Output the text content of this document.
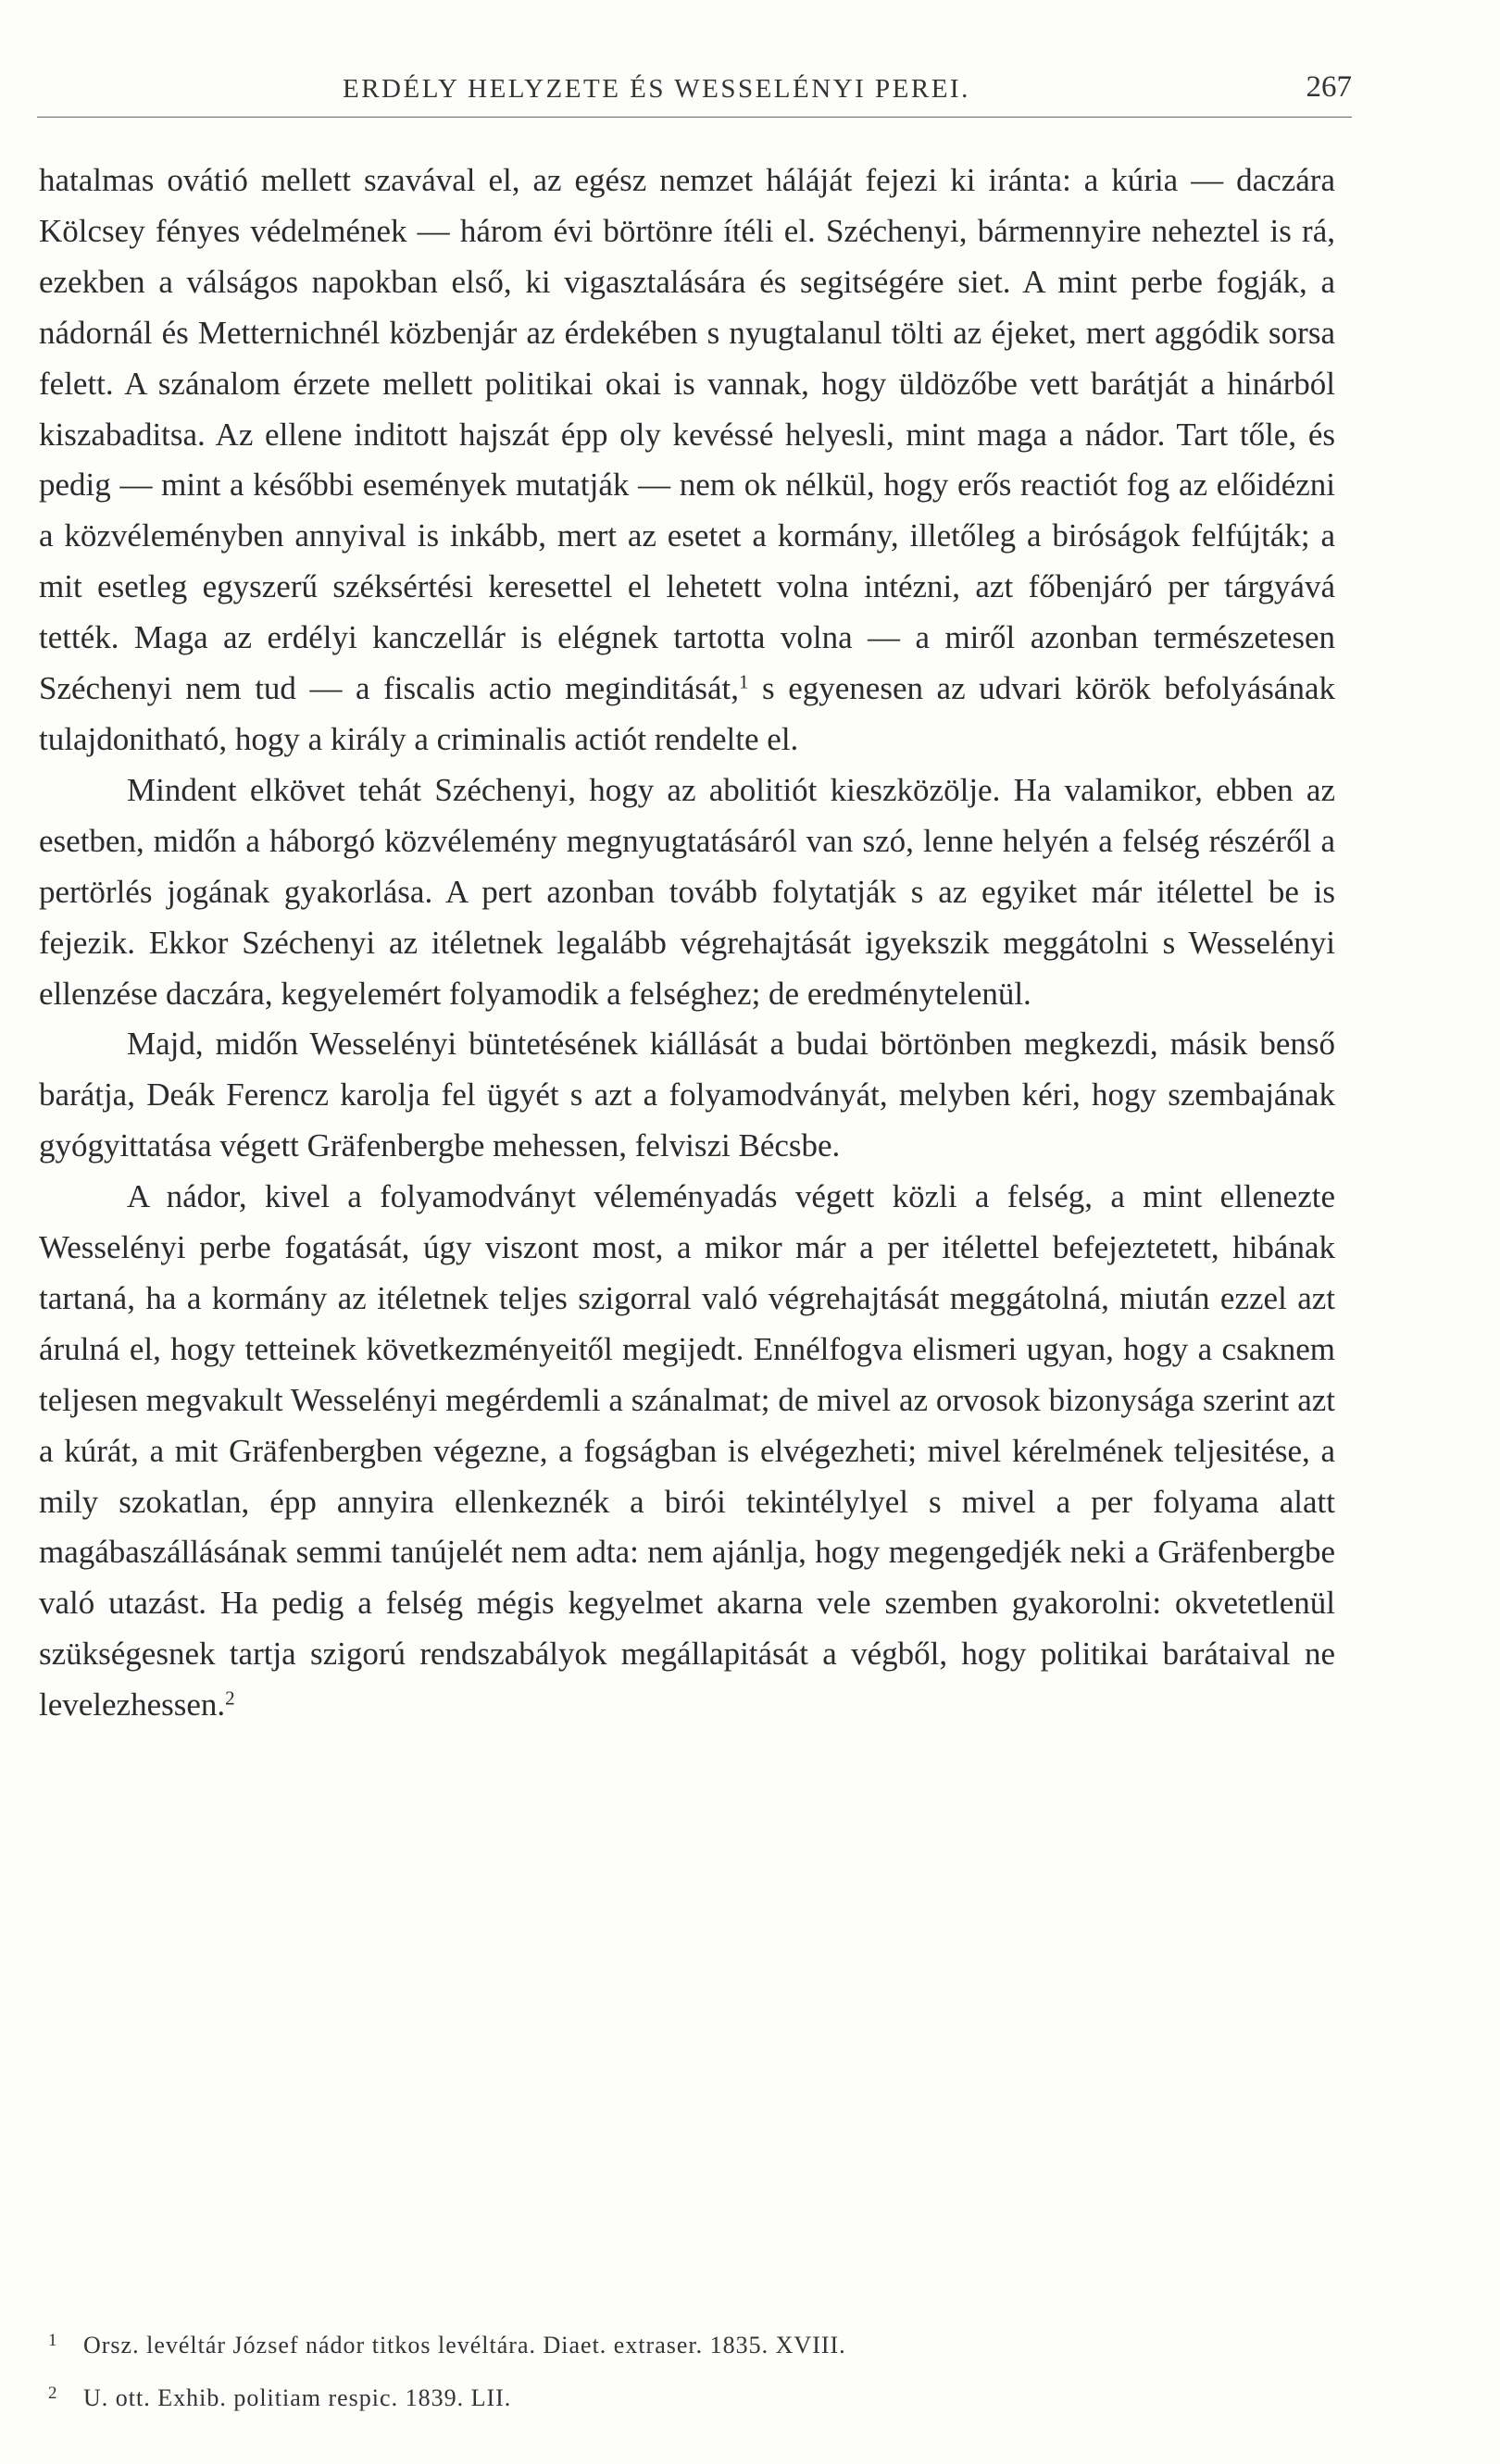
ERDÉLY HELYZETE ÉS WESSELÉNYI PEREI.	267

hatalmas ovátió mellett szavával el, az egész nemzet háláját fejezi ki iránta: a kúria — daczára Kölcsey fényes védelmének — három évi börtönre ítéli el. Széchenyi, bármennyire neheztel is rá, ezekben a válságos napokban első, ki vigasztalására és segitségére siet. A mint perbe fogják, a nádornál és Metternichnél közbenjár az érdekében s nyugtalanul tölti az éjeket, mert aggódik sorsa felett. A szánalom érzete mellett politikai okai is vannak, hogy üldözőbe vett barátját a hinárból kiszabaditsa. Az ellene inditott hajszát épp oly kevéssé helyesli, mint maga a nádor. Tart tőle, és pedig — mint a későbbi események mutatják — nem ok nélkül, hogy erős reactiót fog az előidézni a közvéleményben annyival is inkább, mert az esetet a kormány, illetőleg a biróságok felfújták; a mit esetleg egyszerű széksértési keresettel el lehetett volna intézni, azt főbenjáró per tárgyává tették. Maga az erdélyi kanczellár is elégnek tartotta volna — a miről azonban természetesen Széchenyi nem tud — a fiscalis actio meginditását,$^1$ s egyenesen az udvari körök befolyásának tulajdonitható, hogy a király a criminalis actiót rendelte el.

Mindent elkövet tehát Széchenyi, hogy az abolitiót kieszközölje. Ha valamikor, ebben az esetben, midőn a háborgó közvélemény megnyugtatásáról van szó, lenne helyén a felség részéről a pertörlés jogának gyakorlása. A pert azonban tovább folytatják s az egyiket már itélettel be is fejezik. Ekkor Széchenyi az itéletnek legalább végrehajtását igyekszik meggátolni s Wesselényi ellenzése daczára, kegyelemért folyamodik a felséghez; de eredménytelenül.

Majd, midőn Wesselényi büntetésének kiállását a budai börtönben megkezdi, másik benső barátja, Deák Ferencz karolja fel ügyét s azt a folyamodványát, melyben kéri, hogy szembajának gyógyittatása végett Gräfenbergbe mehessen, felviszi Bécsbe.

A nádor, kivel a folyamodványt véleményadás végett közli a felség, a mint ellenezte Wesselényi perbe fogatását, úgy viszont most, a mikor már a per itélettel befejeztetett, hibának tartaná, ha a kormány az itéletnek teljes szigorral való végrehajtását meggátolná, miután ezzel azt árulná el, hogy tetteinek következményeitől megijedt. Ennélfogva elismeri ugyan, hogy a csaknem teljesen megvakult Wesselényi megérdemli a szánalmat; de mivel az orvosok bizonysága szerint azt a kúrát, a mit Gräfenbergben végezne, a fogságban is elvégezheti; mivel kérelmének teljesitése, a mily szokatlan, épp annyira ellenkeznék a birói tekintélylyel s mivel a per folyama alatt magábaszállásának semmi tanújelét nem adta: nem ajánlja, hogy megengedjék neki a Gräfenbergbe való utazást. Ha pedig a felség mégis kegyelmet akarna vele szemben gyakorolni: okvetetlenül szükségesnek tartja szigorú rendszabályok megállapitását a végből, hogy politikai barátaival ne levelezhessen.$^2$

1 Orsz. levéltár József nádor titkos levéltára. Diaet. extraser. 1835. XVIII.

2 U. ott. Exhib. politiam respic. 1839. LII.
